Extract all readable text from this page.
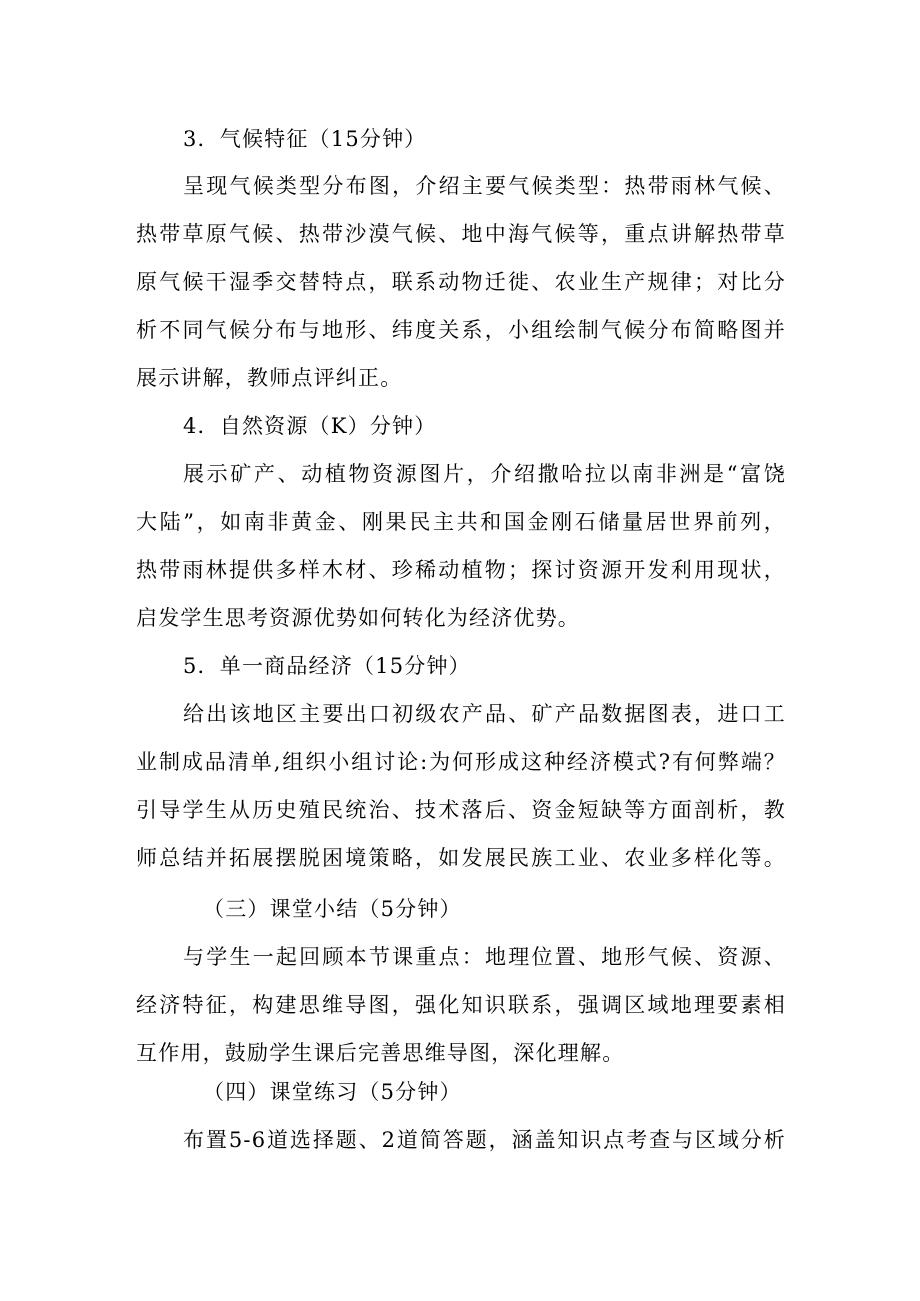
3．气候特征（15分钟）
呈现气候类型分布图，介绍主要气候类型：热带雨林气候、
热带草原气候、热带沙漠气候、地中海气候等，重点讲解热带草
原气候干湿季交替特点，联系动物迁徙、农业生产规律；对比分
析不同气候分布与地形、纬度关系，小组绘制气候分布简略图并
展示讲解，教师点评纠正。
4．自然资源（K）分钟）
展示矿产、动植物资源图片，介绍撒哈拉以南非洲是“富饶
大陆”，如南非黄金、刚果民主共和国金刚石储量居世界前列，
热带雨林提供多样木材、珍稀动植物；探讨资源开发利用现状，
启发学生思考资源优势如何转化为经济优势。
5．单一商品经济（15分钟）
给出该地区主要出口初级农产品、矿产品数据图表，进口工
业制成品清单,组织小组讨论:为何形成这种经济模式?有何弊端？
引导学生从历史殖民统治、技术落后、资金短缺等方面剖析，教
师总结并拓展摆脱困境策略，如发展民族工业、农业多样化等。
（三）课堂小结（5分钟）
与学生一起回顾本节课重点：地理位置、地形气候、资源、
经济特征，构建思维导图，强化知识联系，强调区域地理要素相
互作用，鼓励学生课后完善思维导图，深化理解。
（四）课堂练习（5分钟）
布置5-6道选择题、2道简答题，涵盖知识点考查与区域分析
